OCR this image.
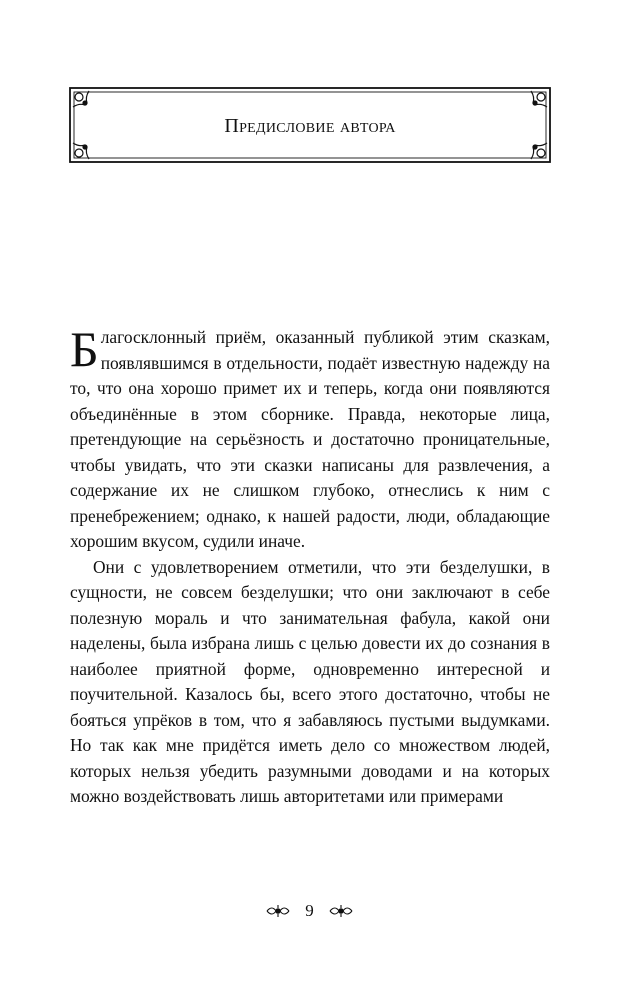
Предисловие автора

Благосклонный приём, оказанный публикой этим сказкам, появлявшимся в отдельности, подаёт известную надежду на то, что она хорошо примет их и теперь, когда они появляются объединённые в этом сборнике. Правда, некоторые лица, претендующие на серьёзность и достаточно проницательные, чтобы увидать, что эти сказки написаны для развлечения, а содержание их не слишком глубоко, отнеслись к ним с пренебрежением; однако, к нашей радости, люди, обладающие хорошим вкусом, судили иначе.

Они с удовлетворением отметили, что эти безделушки, в сущности, не совсем безделушки; что они заключают в себе полезную мораль и что занимательная фабула, какой они наделены, была избрана лишь с целью довести их до сознания в наиболее приятной форме, одновременно интересной и поучительной. Казалось бы, всего этого достаточно, чтобы не бояться упрёков в том, что я забавляюсь пустыми выдумками. Но так как мне придётся иметь дело со множеством людей, которых нельзя убедить разумными доводами и на которых можно воздействовать лишь авторитетами или примерами

9
